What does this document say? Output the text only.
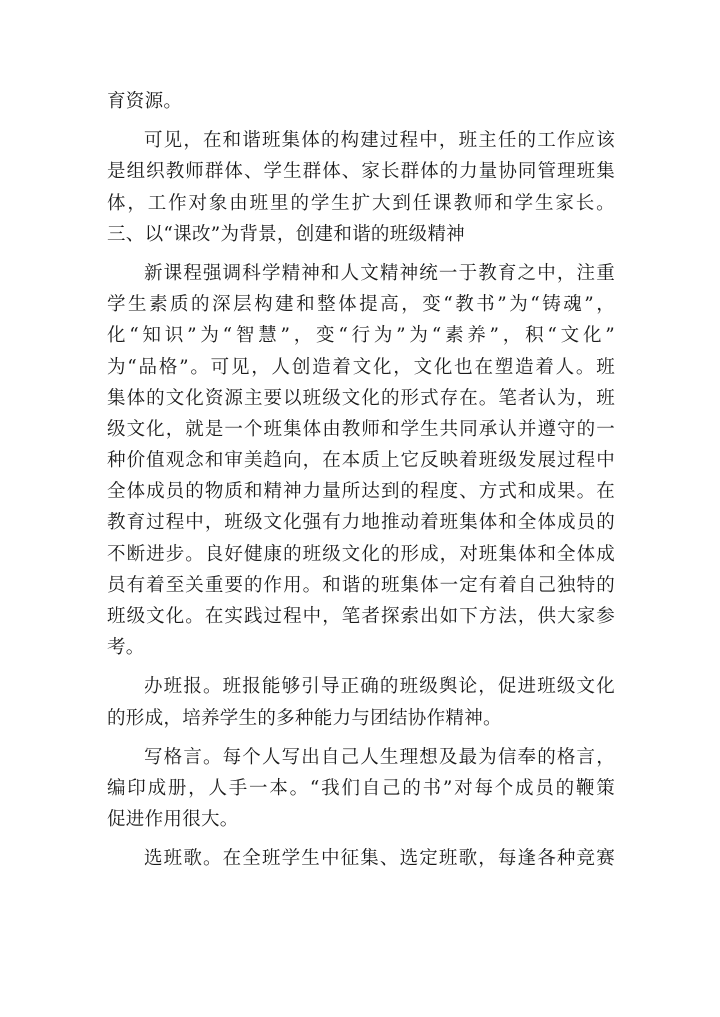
育资源。
可见，在和谐班集体的构建过程中，班主任的工作应该
是组织教师群体、学生群体、家长群体的力量协同管理班集
体，工作对象由班里的学生扩大到任课教师和学生家长。
三、以“课改”为背景，创建和谐的班级精神
新课程强调科学精神和人文精神统一于教育之中，注重
学生素质的深层构建和整体提高，变“教书”为“铸魂”，
化“知识”为“智慧”，变“行为”为“素养”，积“文化”
为“品格”。可见，人创造着文化，文化也在塑造着人。班
集体的文化资源主要以班级文化的形式存在。笔者认为，班
级文化，就是一个班集体由教师和学生共同承认并遵守的一
种价值观念和审美趋向，在本质上它反映着班级发展过程中
全体成员的物质和精神力量所达到的程度、方式和成果。在
教育过程中，班级文化强有力地推动着班集体和全体成员的
不断进步。良好健康的班级文化的形成，对班集体和全体成
员有着至关重要的作用。和谐的班集体一定有着自己独特的
班级文化。在实践过程中，笔者探索出如下方法，供大家参
考。
办班报。班报能够引导正确的班级舆论，促进班级文化
的形成，培养学生的多种能力与团结协作精神。
写格言。每个人写出自己人生理想及最为信奉的格言，
编印成册，人手一本。“我们自己的书”对每个成员的鞭策
促进作用很大。
选班歌。在全班学生中征集、选定班歌，每逢各种竞赛
